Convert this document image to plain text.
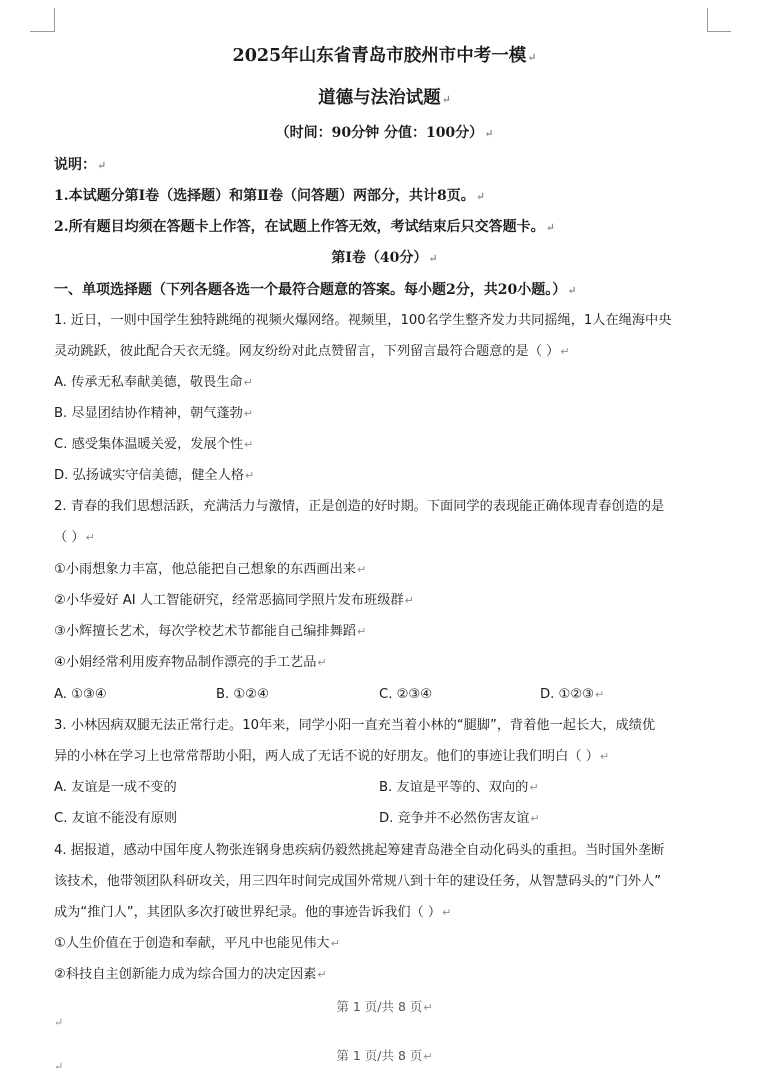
2025年山东省青岛市胶州市中考一模↵
道德与法治试题↵
（时间：90分钟 分值：100分）↵
说明：↵
1.本试题分第Ⅰ卷（选择题）和第Ⅱ卷（问答题）两部分，共计8页。↵
2.所有题目均须在答题卡上作答，在试题上作答无效，考试结束后只交答题卡。↵
第Ⅰ卷（40分）↵
一、单项选择题（下列各题各选一个最符合题意的答案。每小题2分，共20小题。）↵
1. 近日，一则中国学生独特跳绳的视频火爆网络。视频里，100名学生整齐发力共同摇绳，1人在绳海中央
灵动跳跃，彼此配合天衣无缝。网友纷纷对此点赞留言，下列留言最符合题意的是（ ）↵
A. 传承无私奉献美德，敬畏生命↵
B. 尽显团结协作精神，朝气蓬勃↵
C. 感受集体温暖关爱，发展个性↵
D. 弘扬诚实守信美德，健全人格↵
2. 青春的我们思想活跃，充满活力与激情，正是创造的好时期。下面同学的表现能正确体现青春创造的是
（ ）↵
①小雨想象力丰富，他总能把自己想象的东西画出来↵
②小华爱好 AI 人工智能研究，经常恶搞同学照片发布班级群↵
③小辉擅长艺术，每次学校艺术节都能自己编排舞蹈↵
④小娟经常利用废弃物品制作漂亮的手工艺品↵
A. ①③④	B. ①②④	C. ②③④	D. ①②③↵
3. 小林因病双腿无法正常行走。10年来，同学小阳一直充当着小林的“腿脚”，背着他一起长大，成绩优
异的小林在学习上也常常帮助小阳，两人成了无话不说的好朋友。他们的事迹让我们明白（ ）↵
A. 友谊是一成不变的	B. 友谊是平等的、双向的↵
C. 友谊不能没有原则	D. 竞争并不必然伤害友谊↵
4. 据报道，感动中国年度人物张连钢身患疾病仍毅然挑起筹建青岛港全自动化码头的重担。当时国外垄断
该技术，他带领团队科研攻关，用三四年时间完成国外常规八到十年的建设任务，从智慧码头的“门外人”
成为“推门人”，其团队多次打破世界纪录。他的事迹告诉我们（ ）↵
①人生价值在于创造和奉献，平凡中也能见伟大↵
②科技自主创新能力成为综合国力的决定因素↵
第 1 页/共 8 页↵
↵
第 1 页/共 8 页↵
↵
